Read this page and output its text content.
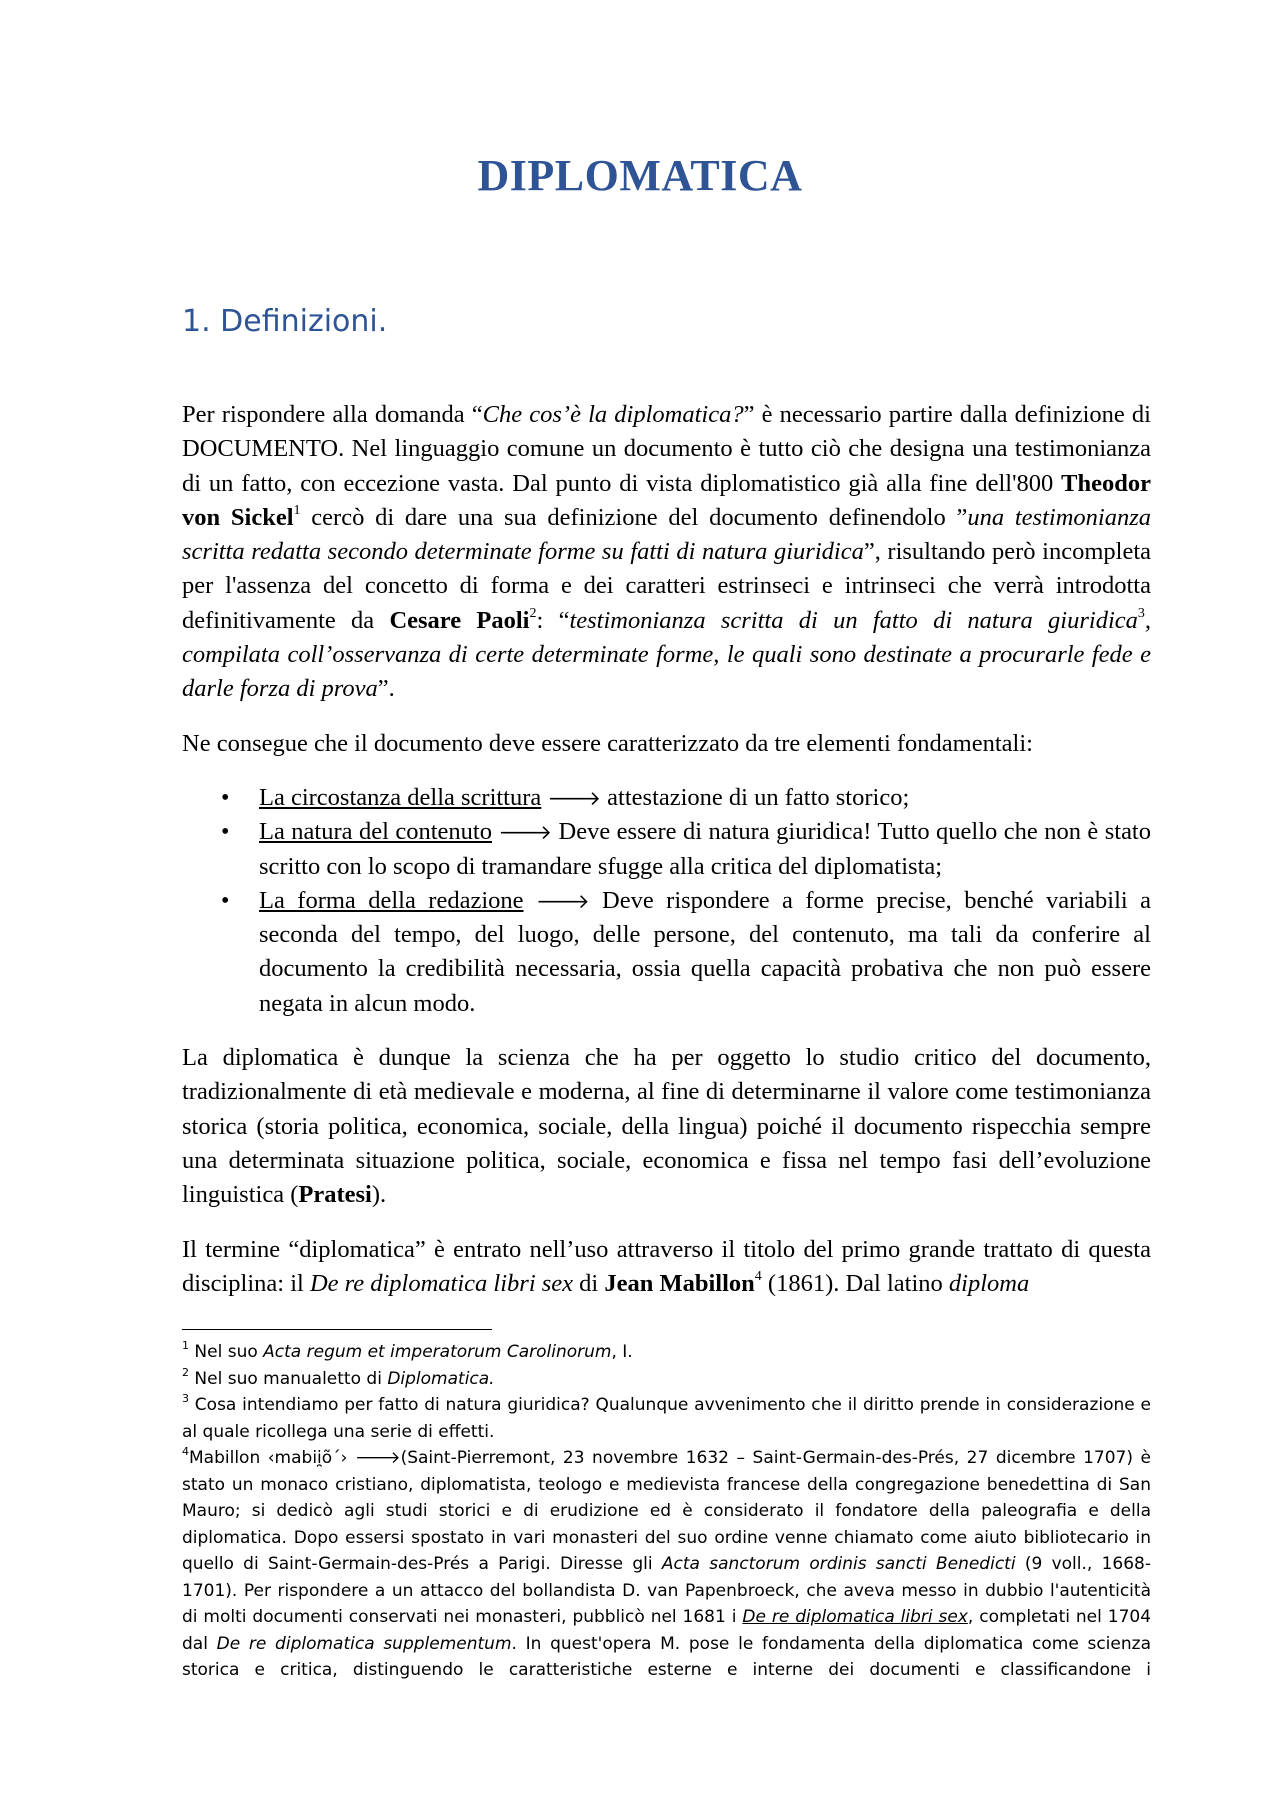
DIPLOMATICA
1. Definizioni.

Per rispondere alla domanda “Che cos’è la diplomatica?” è necessario partire dalla definizione di DOCUMENTO. Nel linguaggio comune un documento è tutto ciò che designa una testimonianza di un fatto, con eccezione vasta. Dal punto di vista diplomatistico già alla fine dell'800 Theodor von Sickel$^1$ cercò di dare una sua definizione del documento definendolo ”una testimonianza scritta redatta secondo determinate forme su fatti di natura giuridica”, risultando però incompleta per l'assenza del concetto di forma e dei caratteri estrinseci e intrinseci che verrà introdotta definitivamente da Cesare Paoli$^2$: “testimonianza scritta di un fatto di natura giuridica$^3$, compilata coll’osservanza di certe determinate forme, le quali sono destinate a procurarle fede e darle forza di prova”.

Ne consegue che il documento deve essere caratterizzato da tre elementi fondamentali:

• La circostanza della scrittura 🡒 attestazione di un fatto storico;
• La natura del contenuto 🡒 Deve essere di natura giuridica! Tutto quello che non è stato scritto con lo scopo di tramandare sfugge alla critica del diplomatista;
• La forma della redazione 🡒 Deve rispondere a forme precise, benché variabili a seconda del tempo, del luogo, delle persone, del contenuto, ma tali da conferire al documento la credibilità necessaria, ossia quella capacità probativa che non può essere negata in alcun modo.

La diplomatica è dunque la scienza che ha per oggetto lo studio critico del documento, tradizionalmente di età medievale e moderna, al fine di determinarne il valore come testimonianza storica (storia politica, economica, sociale, della lingua) poiché il documento rispecchia sempre una determinata situazione politica, sociale, economica e fissa nel tempo fasi dell’evoluzione linguistica (Pratesi).

Il termine “diplomatica” è entrato nell’uso attraverso il titolo del primo grande trattato di questa disciplina: il De re diplomatica libri sex di Jean Mabillon$^4$ (1861). Dal latino diploma

$^1$ Nel suo Acta regum et imperatorum Carolinorum, I.

$^2$ Nel suo manualetto di Diplomatica.

$^3$ Cosa intendiamo per fatto di natura giuridica? Qualunque avvenimento che il diritto prende in considerazione e al quale ricollega una serie di effetti.

$^4$Mabillon ‹mabii̯õ´› 🡒(Saint-Pierremont, 23 novembre 1632 – Saint-Germain-des-Prés, 27 dicembre 1707) è stato un monaco cristiano, diplomatista, teologo e medievista francese della congregazione benedettina di San Mauro; si dedicò agli studi storici e di erudizione ed è considerato il fondatore della paleografia e della diplomatica. Dopo essersi spostato in vari monasteri del suo ordine venne chiamato come aiuto bibliotecario in quello di Saint-Germain-des-Prés a Parigi. Diresse gli Acta sanctorum ordinis sancti Benedicti (9 voll., 1668-1701). Per rispondere a un attacco del bollandista D. van Papenbroeck, che aveva messo in dubbio l'autenticità di molti documenti conservati nei monasteri, pubblicò nel 1681 i De re diplomatica libri sex, completati nel 1704 dal De re diplomatica supplementum. In quest'opera M. pose le fondamenta della diplomatica come scienza storica e critica, distinguendo le caratteristiche esterne e interne dei documenti e classificandone i
